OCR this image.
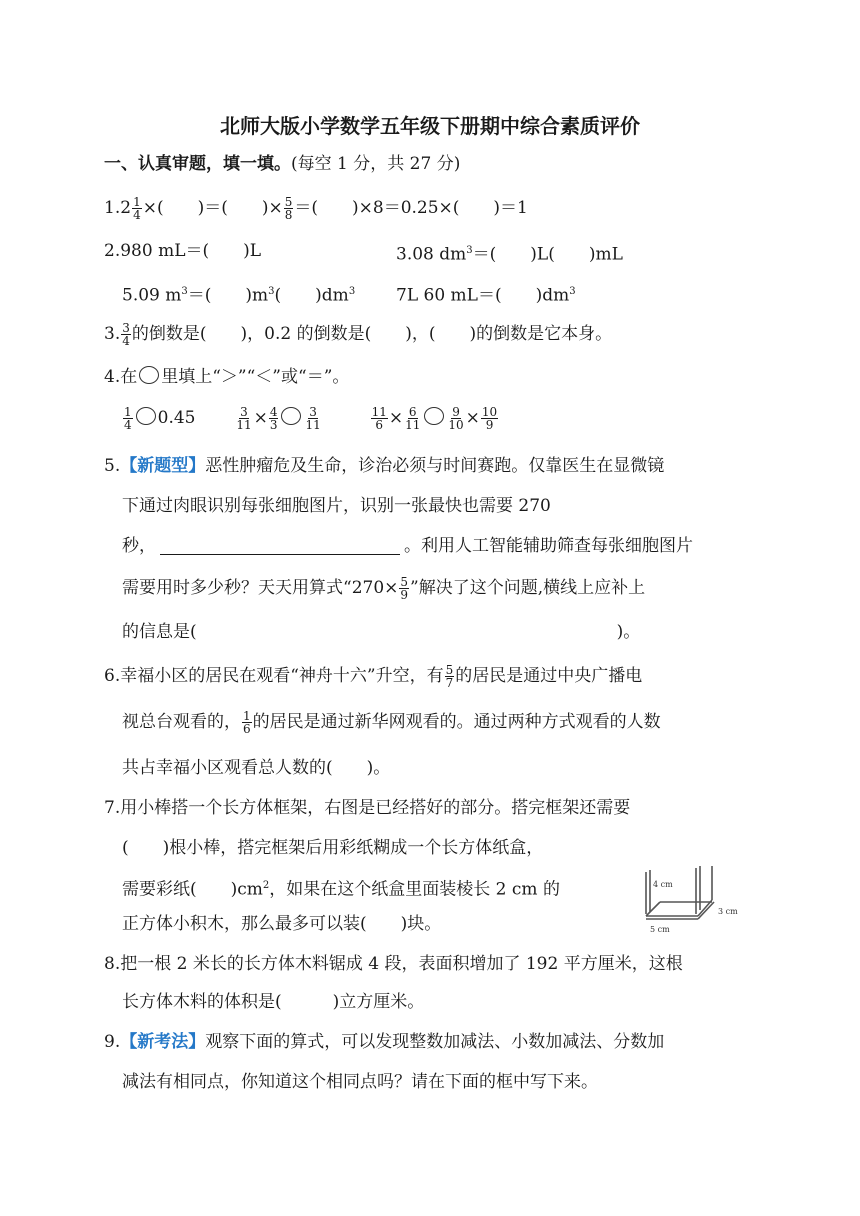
北师大版小学数学五年级下册期中综合素质评价
一、认真审题，填一填。(每空 1 分，共 27 分)
$1.2 \frac{1}{4}$ ×(　　)＝(　　)× $\frac{5}{8}$ ＝(　　)×8＝0.25×(　　)＝1
2.980 mL＝(　　)L	3.08 $dm^3=$(　　)L(　　)mL
5.09 $m^3=$(　　)$m^3$(　　)$dm^3$ 7L 60 mL＝(　　)$dm^3$
3. $\frac{3}{4}$ 的倒数是(　　)，0.2 的倒数是(　　)，(　　)的倒数是它本身。
4.在 里填上“＞”“＜”或“＝”。
$\frac{1}{4} 0.45$	$\frac{3}{11} \times \frac{4}{3} \frac{3}{11}$
	$\frac{11}{6} \times \frac{6}{11} \frac{9}{10} \times \frac{10}{9}$
5.【新题型】恶性肿瘤危及生命，诊治必须与时间赛跑。仅靠医生在显微镜
下通过肉眼识别每张细胞图片，识别一张最快也需要 270
秒，	。利用人工智能辅助筛查每张细胞图片
需要用时多少秒？天天用算式“$270\times \frac{5}{9}$ ”解决了这个问题,横线上应补上
的信息是(	)。
6.幸福小区的居民在观看“神舟十六”升空，有 $\frac{5}{7}$ 的居民是通过中央广播电
视总台观看的， $\frac{1}{6}$ 的居民是通过新华网观看的。通过两种方式观看的人数
共占幸福小区观看总人数的(　　)。
7.用小棒搭一个长方体框架，右图是已经搭好的部分。搭完框架还需要
(　　)根小棒，搭完框架后用彩纸糊成一个长方体纸盒，
需要彩纸(　　)$cm^2$，如果在这个纸盒里面装棱长 2 cm 的
正方体小积木，那么最多可以装(　　)块。
4 cm
3 cm
5 cm
8.把一根 2 米长的长方体木料锯成 4 段，表面积增加了 192 平方厘米，这根
长方体木料的体积是(　　　)立方厘米。
9.【新考法】观察下面的算式，可以发现整数加减法、小数加减法、分数加
减法有相同点，你知道这个相同点吗？请在下面的框中写下来。
